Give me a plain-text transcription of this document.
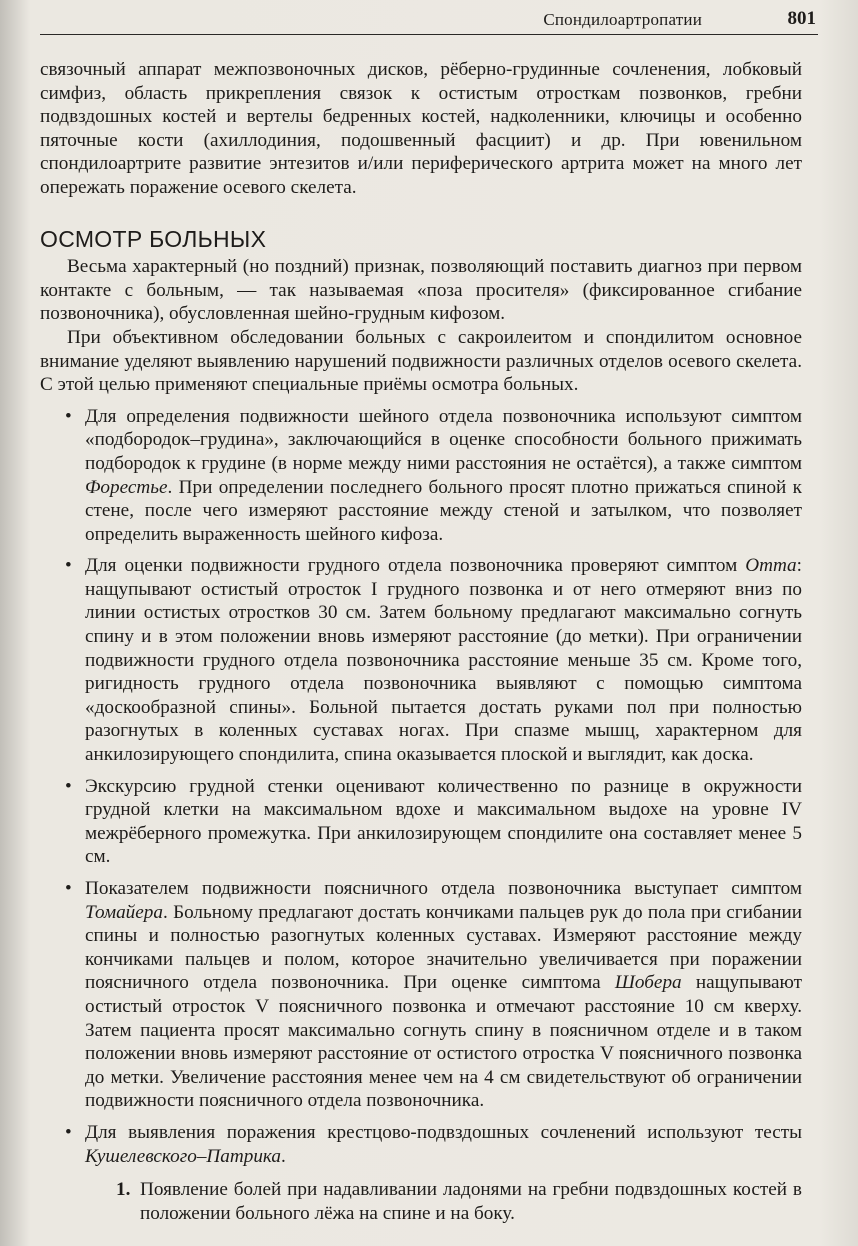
Спондилоартропатии	801

связочный аппарат межпозвоночных дисков, рёберно-грудинные сочленения, лобковый симфиз, область прикрепления связок к остистым отросткам позвонков, гребни подвздошных костей и вертелы бедренных костей, надколенники, ключицы и особенно пяточные кости (ахиллодиния, подошвенный фасциит) и др. При ювенильном спондилоартрите развитие энтезитов и/или периферического артрита может на много лет опережать поражение осевого скелета.

ОСМОТР БОЛЬНЫХ

Весьма характерный (но поздний) признак, позволяющий поставить диагноз при первом контакте с больным, — так называемая «поза просителя» (фиксированное сгибание позвоночника), обусловленная шейно-грудным кифозом.

При объективном обследовании больных с сакроилеитом и спондилитом основное внимание уделяют выявлению нарушений подвижности различных отделов осевого скелета. С этой целью применяют специальные приёмы осмотра больных.

• Для определения подвижности шейного отдела позвоночника используют симптом «подбородок–грудина», заключающийся в оценке способности больного прижимать подбородок к грудине (в норме между ними расстояния не остаётся), а также симптом Форестье. При определении последнего больного просят плотно прижаться спиной к стене, после чего измеряют расстояние между стеной и затылком, что позволяет определить выраженность шейного кифоза.
• Для оценки подвижности грудного отдела позвоночника проверяют симптом Отта: нащупывают остистый отросток I грудного позвонка и от него отмеряют вниз по линии остистых отростков 30 см. Затем больному предлагают максимально согнуть спину и в этом положении вновь измеряют расстояние (до метки). При ограничении подвижности грудного отдела позвоночника расстояние меньше 35 см. Кроме того, ригидность грудного отдела позвоночника выявляют с помощью симптома «доскообразной спины». Больной пытается достать руками пол при полностью разогнутых в коленных суставах ногах. При спазме мышц, характерном для анкилозирующего спондилита, спина оказывается плоской и выглядит, как доска.
• Экскурсию грудной стенки оценивают количественно по разнице в окружности грудной клетки на максимальном вдохе и максимальном выдохе на уровне IV межрёберного промежутка. При анкилозирующем спондилите она составляет менее 5 см.
• Показателем подвижности поясничного отдела позвоночника выступает симптом Томайера. Больному предлагают достать кончиками пальцев рук до пола при сгибании спины и полностью разогнутых коленных суставах. Измеряют расстояние между кончиками пальцев и полом, которое значительно увеличивается при поражении поясничного отдела позвоночника. При оценке симптома Шобера нащупывают остистый отросток V поясничного позвонка и отмечают расстояние 10 см кверху. Затем пациента просят максимально согнуть спину в поясничном отделе и в таком положении вновь измеряют расстояние от остистого отростка V поясничного позвонка до метки. Увеличение расстояния менее чем на 4 см свидетельствуют об ограничении подвижности поясничного отдела позвоночника.
• Для выявления поражения крестцово-подвздошных сочленений используют тесты Кушелевского–Патрика.
1. Появление болей при надавливании ладонями на гребни подвздошных костей в положении больного лёжа на спине и на боку.
